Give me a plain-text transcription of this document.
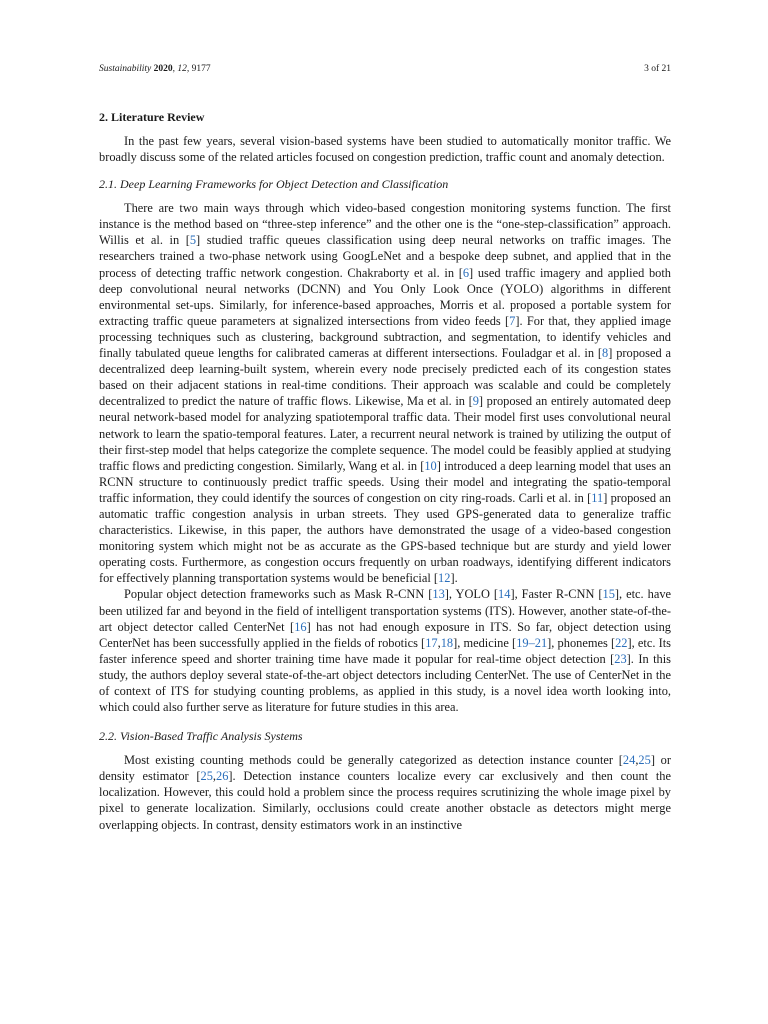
Sustainability 2020, 12, 9177	3 of 21
2. Literature Review

In the past few years, several vision-based systems have been studied to automatically monitor traffic. We broadly discuss some of the related articles focused on congestion prediction, traffic count and anomaly detection.

2.1. Deep Learning Frameworks for Object Detection and Classification

There are two main ways through which video-based congestion monitoring systems function. The first instance is the method based on “three-step inference” and the other one is the “one-step-classification” approach. Willis et al. in [5] studied traffic queues classification using deep neural networks on traffic images. The researchers trained a two-phase network using GoogLeNet and a bespoke deep subnet, and applied that in the process of detecting traffic network congestion. Chakraborty et al. in [6] used traffic imagery and applied both deep convolutional neural networks (DCNN) and You Only Look Once (YOLO) algorithms in different environmental set-ups. Similarly, for inference-based approaches, Morris et al. proposed a portable system for extracting traffic queue parameters at signalized intersections from video feeds [7]. For that, they applied image processing techniques such as clustering, background subtraction, and segmentation, to identify vehicles and finally tabulated queue lengths for calibrated cameras at different intersections. Fouladgar et al. in [8] proposed a decentralized deep learning-built system, wherein every node precisely predicted each of its congestion states based on their adjacent stations in real-time conditions. Their approach was scalable and could be completely decentralized to predict the nature of traffic flows. Likewise, Ma et al. in [9] proposed an entirely automated deep neural network-based model for analyzing spatiotemporal traffic data. Their model first uses convolutional neural network to learn the spatio-temporal features. Later, a recurrent neural network is trained by utilizing the output of their first-step model that helps categorize the complete sequence. The model could be feasibly applied at studying traffic flows and predicting congestion. Similarly, Wang et al. in [10] introduced a deep learning model that uses an RCNN structure to continuously predict traffic speeds. Using their model and integrating the spatio-temporal traffic information, they could identify the sources of congestion on city ring-roads. Carli et al. in [11] proposed an automatic traffic congestion analysis in urban streets. They used GPS-generated data to generalize traffic characteristics. Likewise, in this paper, the authors have demonstrated the usage of a video-based congestion monitoring system which might not be as accurate as the GPS-based technique but are sturdy and yield lower operating costs. Furthermore, as congestion occurs frequently on urban roadways, identifying different indicators for effectively planning transportation systems would be beneficial [12].

Popular object detection frameworks such as Mask R-CNN [13], YOLO [14], Faster R-CNN [15], etc. have been utilized far and beyond in the field of intelligent transportation systems (ITS). However, another state-of-the-art object detector called CenterNet [16] has not had enough exposure in ITS. So far, object detection using CenterNet has been successfully applied in the fields of robotics [17,18], medicine [19–21], phonemes [22], etc. Its faster inference speed and shorter training time have made it popular for real-time object detection [23]. In this study, the authors deploy several state-of-the-art object detectors including CenterNet. The use of CenterNet in the of context of ITS for studying counting problems, as applied in this study, is a novel idea worth looking into, which could also further serve as literature for future studies in this area.

2.2. Vision-Based Traffic Analysis Systems

Most existing counting methods could be generally categorized as detection instance counter [24,25] or density estimator [25,26]. Detection instance counters localize every car exclusively and then count the localization. However, this could hold a problem since the process requires scrutinizing the whole image pixel by pixel to generate localization. Similarly, occlusions could create another obstacle as detectors might merge overlapping objects. In contrast, density estimators work in an instinctive
